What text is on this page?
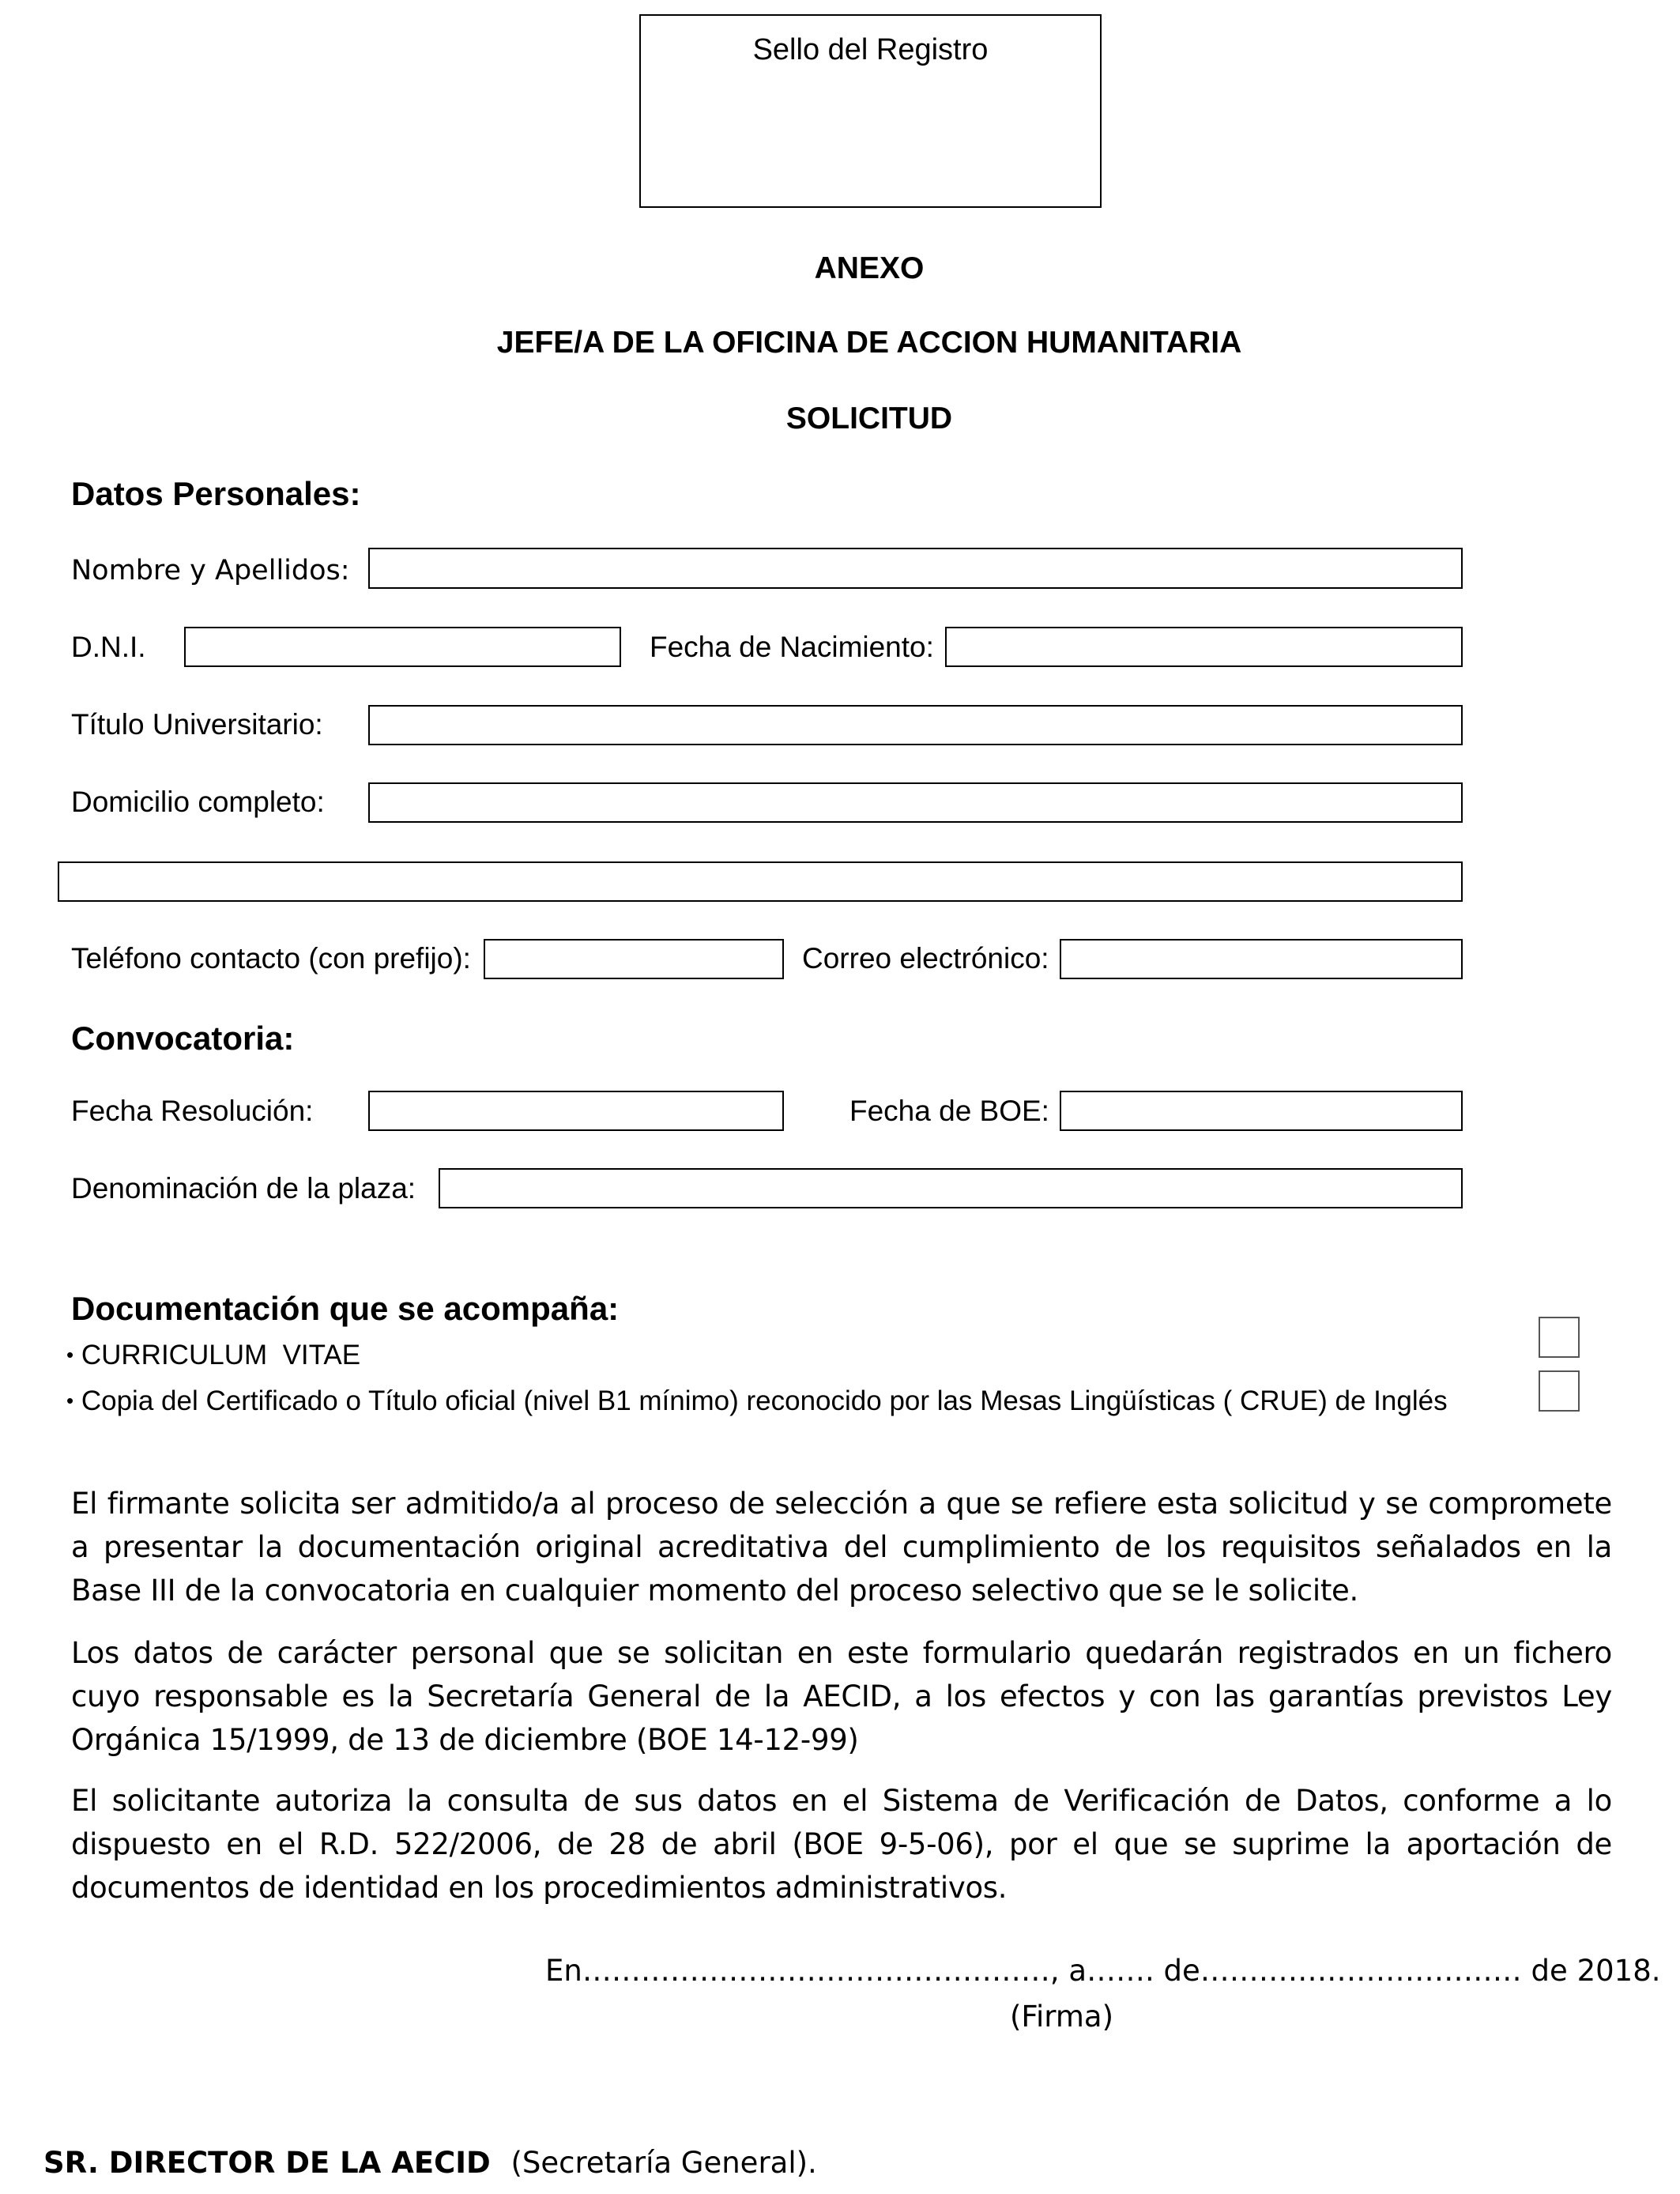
Sello del Registro
ANEXO
JEFE/A DE LA OFICINA DE ACCION HUMANITARIA
SOLICITUD
Datos Personales:
Nombre y Apellidos:
D.N.I.	Fecha de Nacimiento:
Título Universitario:
Domicilio completo:
Teléfono contacto (con prefijo):	Correo electrónico:
Convocatoria:
Fecha Resolución:	Fecha de BOE:
Denominación de la plaza:
Documentación que se acompaña:
• CURRICULUM  VITAE
• Copia del Certificado o Título oficial (nivel B1 mínimo) reconocido por las Mesas Lingüísticas ( CRUE) de Inglés
El firmante solicita ser admitido/a al proceso de selección a que se refiere esta solicitud y se compromete a presentar la documentación original acreditativa del cumplimiento de los requisitos señalados en la Base III de la convocatoria en cualquier momento del proceso selectivo que se le solicite.
Los datos de carácter personal que se solicitan en este formulario quedarán registrados en un fichero cuyo responsable es la Secretaría General de la AECID, a los efectos y con las garantías previstos Ley Orgánica 15/1999, de 13 de diciembre (BOE 14-12-99)
El solicitante autoriza la consulta de sus datos en el Sistema de Verificación de Datos, conforme a lo dispuesto en el R.D. 522/2006, de 28 de abril (BOE 9-5-06), por el que se suprime la aportación de documentos de identidad en los procedimientos administrativos.
En…………………………………………, a……. de…………………………… de 2018.
(Firma)
SR. DIRECTOR DE LA AECID (Secretaría General).
